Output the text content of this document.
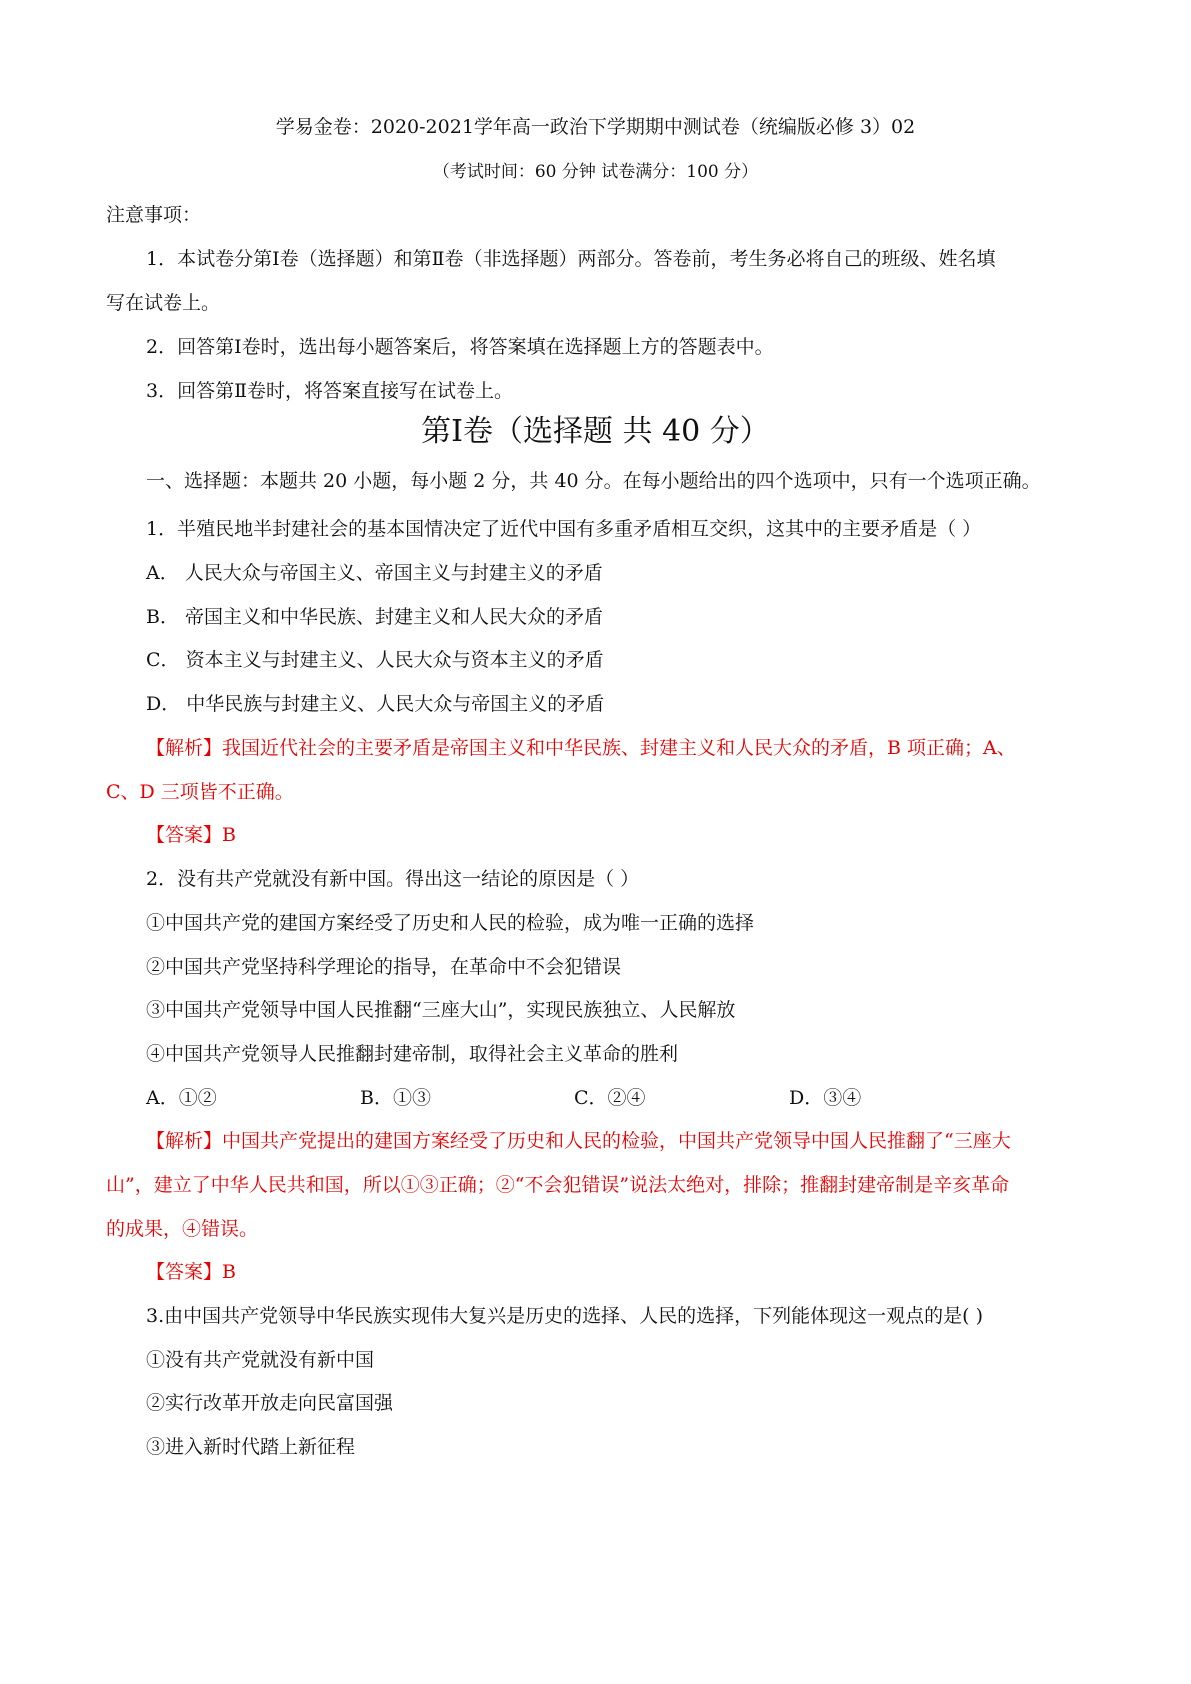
学易金卷：2020-2021学年高一政治下学期期中测试卷（统编版必修 3）02
（考试时间：60 分钟 试卷满分：100 分）
注意事项：
1．本试卷分第Ⅰ卷（选择题）和第Ⅱ卷（非选择题）两部分。答卷前，考生务必将自己的班级、姓名填
写在试卷上。
2．回答第Ⅰ卷时，选出每小题答案后，将答案填在选择题上方的答题表中。
3．回答第Ⅱ卷时，将答案直接写在试卷上。
第Ⅰ卷（选择题 共 40 分）
一、选择题：本题共 20 小题，每小题 2 分，共 40 分。在每小题给出的四个选项中，只有一个选项正确。
1．半殖民地半封建社会的基本国情决定了近代中国有多重矛盾相互交织，这其中的主要矛盾是（ ）
A． 人民大众与帝国主义、帝国主义与封建主义的矛盾
B． 帝国主义和中华民族、封建主义和人民大众的矛盾
C． 资本主义与封建主义、人民大众与资本主义的矛盾
D． 中华民族与封建主义、人民大众与帝国主义的矛盾
【解析】我国近代社会的主要矛盾是帝国主义和中华民族、封建主义和人民大众的矛盾，B 项正确；A、
C、D 三项皆不正确。
【答案】B
2．没有共产党就没有新中国。得出这一结论的原因是（ ）
①中国共产党的建国方案经受了历史和人民的检验，成为唯一正确的选择
②中国共产党坚持科学理论的指导，在革命中不会犯错误
③中国共产党领导中国人民推翻“三座大山”，实现民族独立、人民解放
④中国共产党领导人民推翻封建帝制，取得社会主义革命的胜利
A．①②	B．①③	C．②④	D．③④
【解析】中国共产党提出的建国方案经受了历史和人民的检验，中国共产党领导中国人民推翻了“三座大
山”，建立了中华人民共和国，所以①③正确；②“不会犯错误”说法太绝对，排除；推翻封建帝制是辛亥革命
的成果，④错误。
【答案】B
3.由中国共产党领导中华民族实现伟大复兴是历史的选择、人民的选择，下列能体现这一观点的是( )
①没有共产党就没有新中国
②实行改革开放走向民富国强
③进入新时代踏上新征程
